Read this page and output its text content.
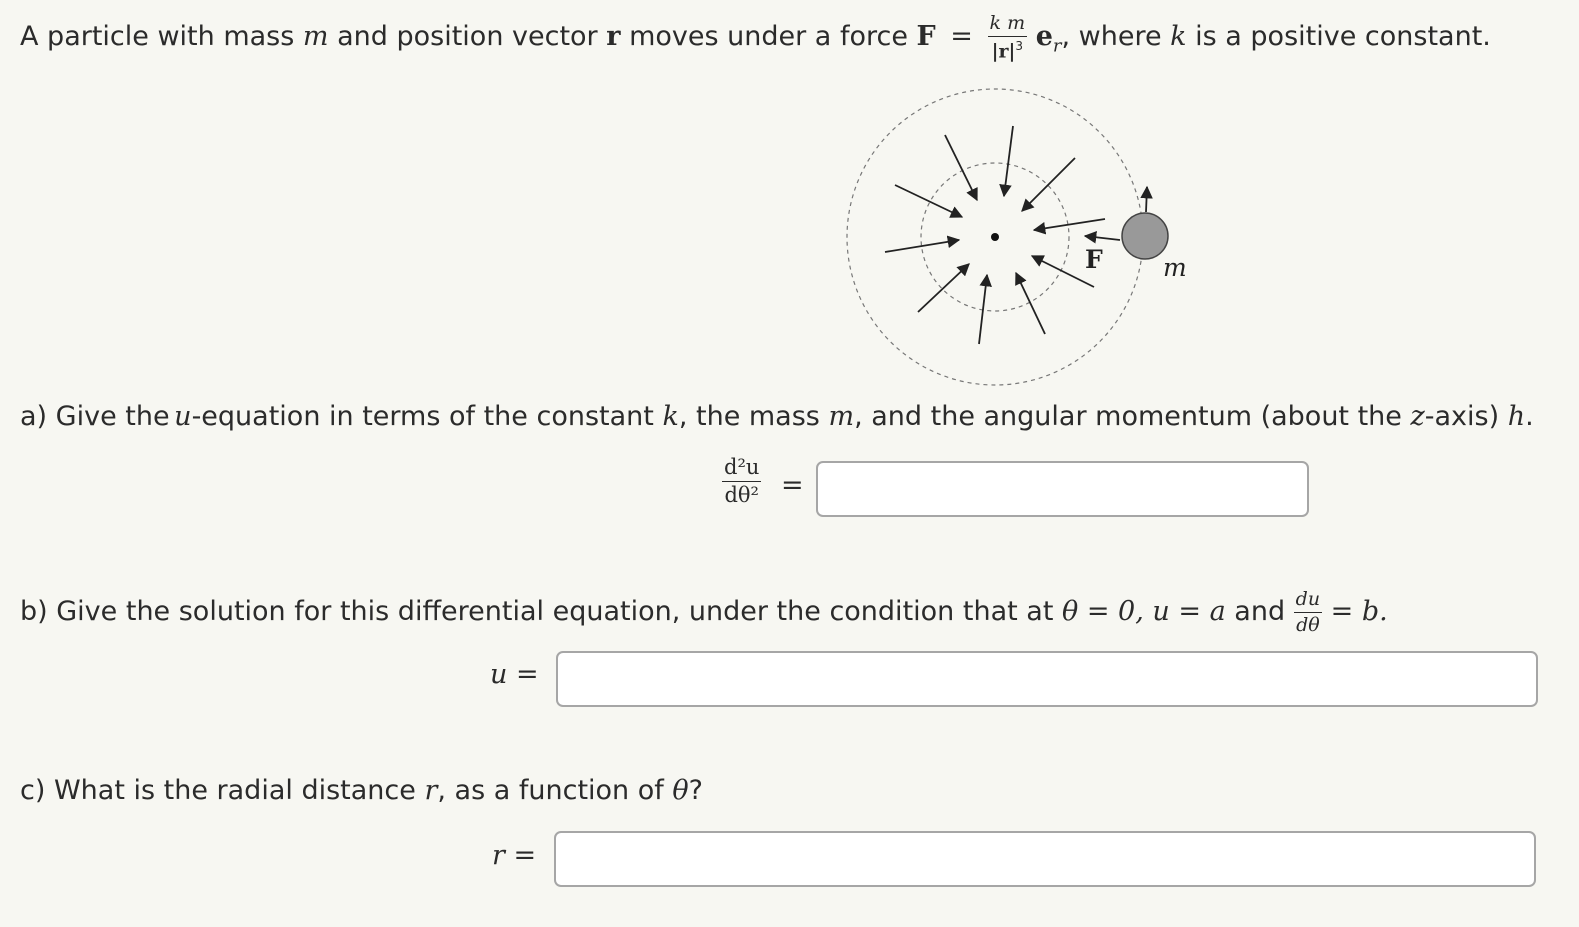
A particle with mass m and position vector r moves under a force $F = \frac{\text{k m}}{|r|^3} e_r$, where k is a positive constant.
F m
a) Give the u-equation in terms of the constant k, the mass m, and the angular momentum (about the z-axis) h.
$\frac{\text{d²u}}{\text{dθ²}}$ =
b) Give the solution for this differential equation, under the condition that at θ = 0, u = a and $\frac{du}{d\theta} = b$.
u =
c) What is the radial distance r, as a function of θ?
r =
